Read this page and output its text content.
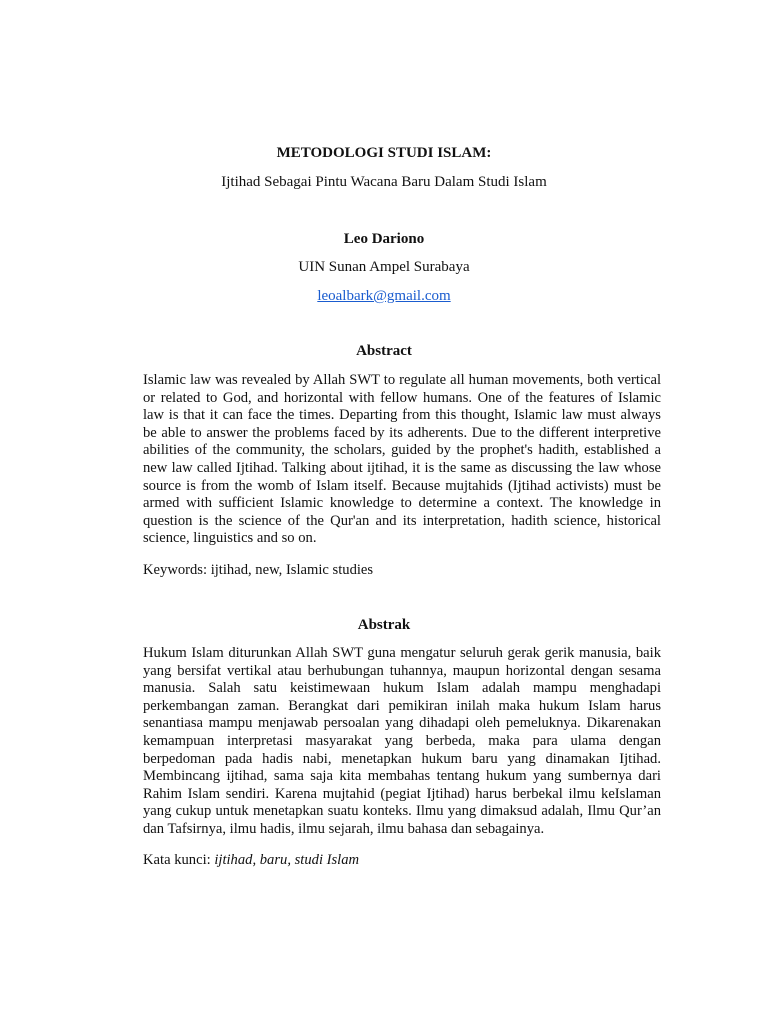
METODOLOGI STUDI ISLAM:
Ijtihad Sebagai Pintu Wacana Baru Dalam Studi Islam
Leo Dariono
UIN Sunan Ampel Surabaya
leoalbark@gmail.com
Abstract
Islamic law was revealed by Allah SWT to regulate all human movements, both vertical
or related to God, and horizontal with fellow humans. One of the features of Islamic
law is that it can face the times. Departing from this thought, Islamic law must always
be able to answer the problems faced by its adherents. Due to the different interpretive
abilities of the community, the scholars, guided by the prophet's hadith, established a
new law called Ijtihad. Talking about ijtihad, it is the same as discussing the law whose
source is from the womb of Islam itself. Because mujtahids (Ijtihad activists) must be
armed with sufficient Islamic knowledge to determine a context. The knowledge in
question is the science of the Qur'an and its interpretation, hadith science, historical
science, linguistics and so on.
Keywords: ijtihad, new, Islamic studies
Abstrak
Hukum Islam diturunkan Allah SWT guna mengatur seluruh gerak gerik manusia, baik
yang bersifat vertikal atau berhubungan tuhannya, maupun horizontal dengan sesama
manusia. Salah satu keistimewaan hukum Islam adalah mampu menghadapi
perkembangan zaman. Berangkat dari pemikiran inilah maka hukum Islam harus
senantiasa mampu menjawab persoalan yang dihadapi oleh pemeluknya. Dikarenakan
kemampuan interpretasi masyarakat yang berbeda, maka para ulama dengan
berpedoman pada hadis nabi, menetapkan hukum baru yang dinamakan Ijtihad.
Membincang ijtihad, sama saja kita membahas tentang hukum yang sumbernya dari
Rahim Islam sendiri. Karena mujtahid (pegiat Ijtihad) harus berbekal ilmu keIslaman
yang cukup untuk menetapkan suatu konteks. Ilmu yang dimaksud adalah, Ilmu Qur’an
dan Tafsirnya, ilmu hadis, ilmu sejarah, ilmu bahasa dan sebagainya.
Kata kunci: ijtihad, baru, studi Islam
